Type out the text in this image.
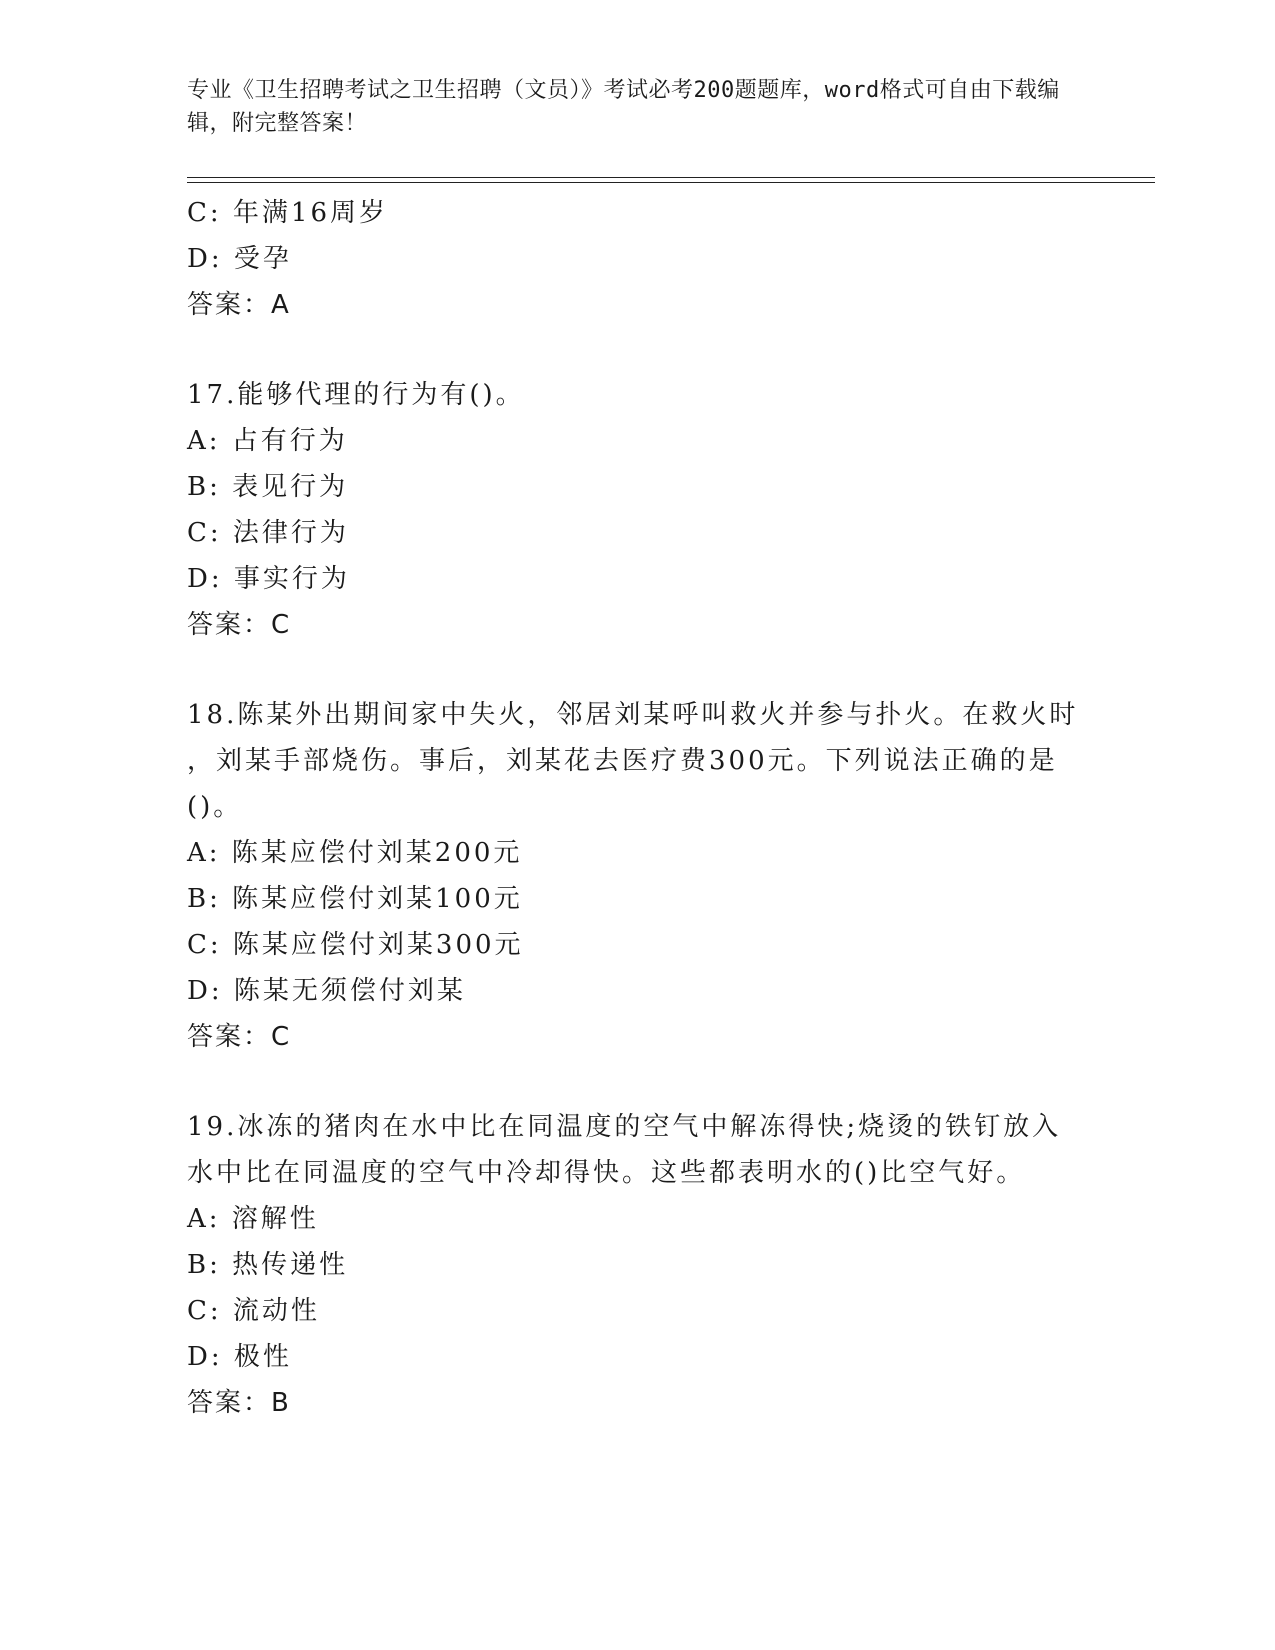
专业《卫生招聘考试之卫生招聘（文员）》考试必考200题题库，word格式可自由下载编辑，附完整答案！
C: 年满16周岁
D: 受孕
答案：A
17.能够代理的行为有()。
A: 占有行为
B: 表见行为
C: 法律行为
D: 事实行为
答案：C
18.陈某外出期间家中失火，邻居刘某呼叫救火并参与扑火。在救火时
，刘某手部烧伤。事后，刘某花去医疗费300元。下列说法正确的是
()。
A: 陈某应偿付刘某200元
B: 陈某应偿付刘某100元
C: 陈某应偿付刘某300元
D: 陈某无须偿付刘某
答案：C
19.冰冻的猪肉在水中比在同温度的空气中解冻得快;烧烫的铁钉放入
水中比在同温度的空气中冷却得快。这些都表明水的()比空气好。
A: 溶解性
B: 热传递性
C: 流动性
D: 极性
答案：B
